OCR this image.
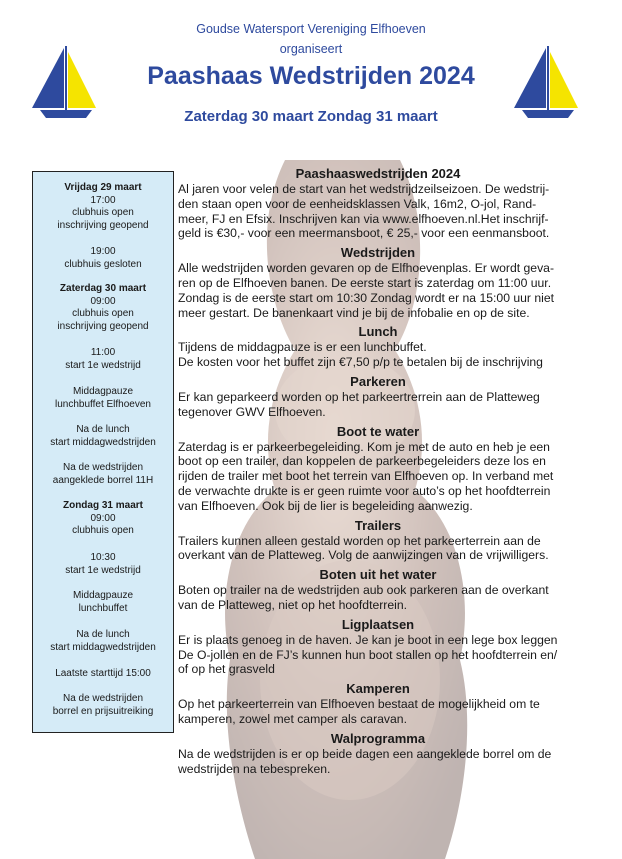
Goudse Watersport Vereniging Elfhoeven
organiseert
Paashaas Wedstrijden 2024
Zaterdag 30 maart Zondag 31 maart
Vrijdag 29 maart
17:00
clubhuis open
inschrijving geopend
19:00
clubhuis gesloten
Zaterdag 30 maart
09:00
clubhuis open
inschrijving geopend
11:00
start 1e wedstrijd
Middagpauze
lunchbuffet Elfhoeven
Na de lunch
start middagwedstrijden
Na de wedstrijden
aangeklede borrel 11H
Zondag 31 maart
09:00
clubhuis open
10:30
start 1e wedstrijd
Middagpauze
lunchbuffet
Na de lunch
start middagwedstrijden
Laatste starttijd 15:00
Na de wedstrijden
borrel en prijsuitreiking
Paashaaswedstrijden 2024

Al jaren voor velen de start van het wedstrijdzeilseizoen. De wedstrij-
den staan open voor de eenheidsklassen Valk, 16m2, O-jol, Rand-
meer, FJ en Efsix. Inschrijven kan via www.elfhoeven.nl.Het inschrijf-
geld is €30,- voor een meermansboot, € 25,- voor een eenmansboot.

Wedstrijden

Alle wedstrijden worden gevaren op de Elfhoevenplas. Er wordt geva-
ren op de Elfhoeven banen. De eerste start is zaterdag om 11:00 uur.
Zondag is de eerste start om 10:30 Zondag wordt er na 15:00 uur niet
meer gestart. De banenkaart vind je bij de infobalie en op de site.

Lunch

Tijdens de middagpauze is er een lunchbuffet.
De kosten voor het buffet zijn €7,50 p/p te betalen bij de inschrijving

Parkeren

Er kan geparkeerd worden op het parkeertrerrein aan de Platteweg
tegenover GWV Elfhoeven.

Boot te water

Zaterdag is er parkeerbegeleiding. Kom je met de auto en heb je een
boot op een trailer, dan koppelen de parkeerbegeleiders deze los en
rijden de trailer met boot het terrein van Elfhoeven op. In verband met
de verwachte drukte is er geen ruimte voor auto’s op het hoofdterrein
van Elfhoeven. Ook bij de lier is begeleiding aanwezig.

Trailers

Trailers kunnen alleen gestald worden op het parkeerterrein aan de
overkant van de Platteweg. Volg de aanwijzingen van de vrijwilligers.

Boten uit het water

Boten op trailer na de wedstrijden aub ook parkeren aan de overkant
van de Platteweg, niet op het hoofdterrein.

Ligplaatsen

Er is plaats genoeg in de haven. Je kan je boot in een lege box leggen
De O-jollen en de FJ’s kunnen hun boot stallen op het hoofdterrein en/
of op het grasveld

Kamperen

Op het parkeerterrein van Elfhoeven bestaat de mogelijkheid om te
kamperen, zowel met camper als caravan.

Walprogramma

Na de wedstrijden is er op beide dagen een aangeklede borrel om de
wedstrijden na tebespreken.
